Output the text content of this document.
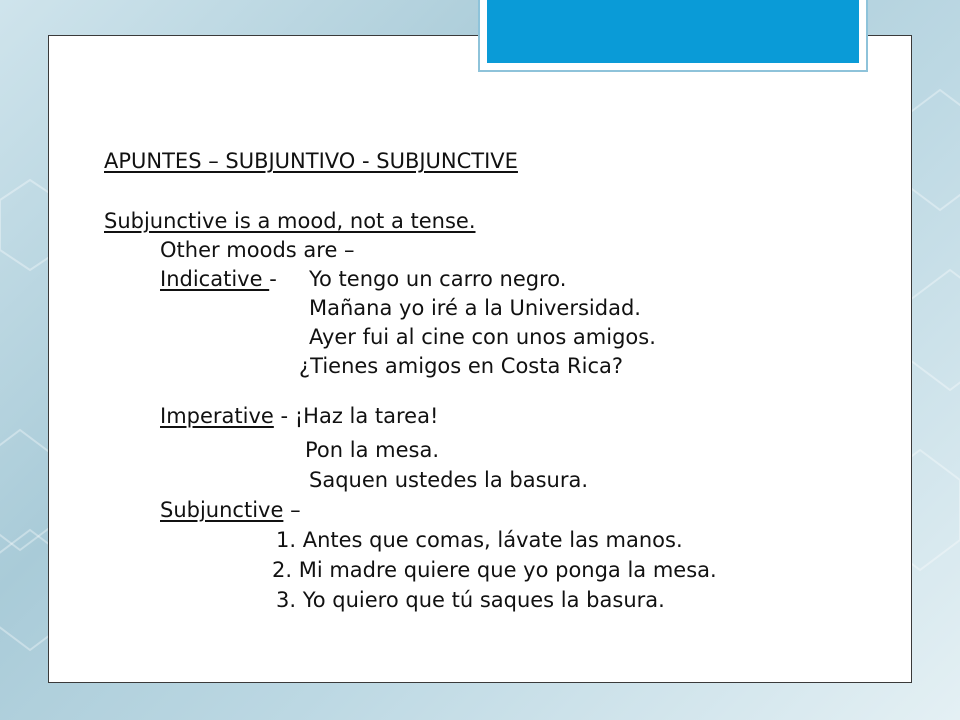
APUNTES – SUBJUNTIVO - SUBJUNCTIVE
Subjunctive is a mood, not a tense.
Other moods are –
Indicative - Yo tengo un carro negro.
Mañana yo iré a la Universidad.
Ayer fui al cine con unos amigos.
¿Tienes amigos en Costa Rica?
Imperative - ¡Haz la tarea!
Pon la mesa.
Saquen ustedes la basura.
Subjunctive –
1. Antes que comas, lávate las manos.
2. Mi madre quiere que yo ponga la mesa.
3. Yo quiero que tú saques la basura.
